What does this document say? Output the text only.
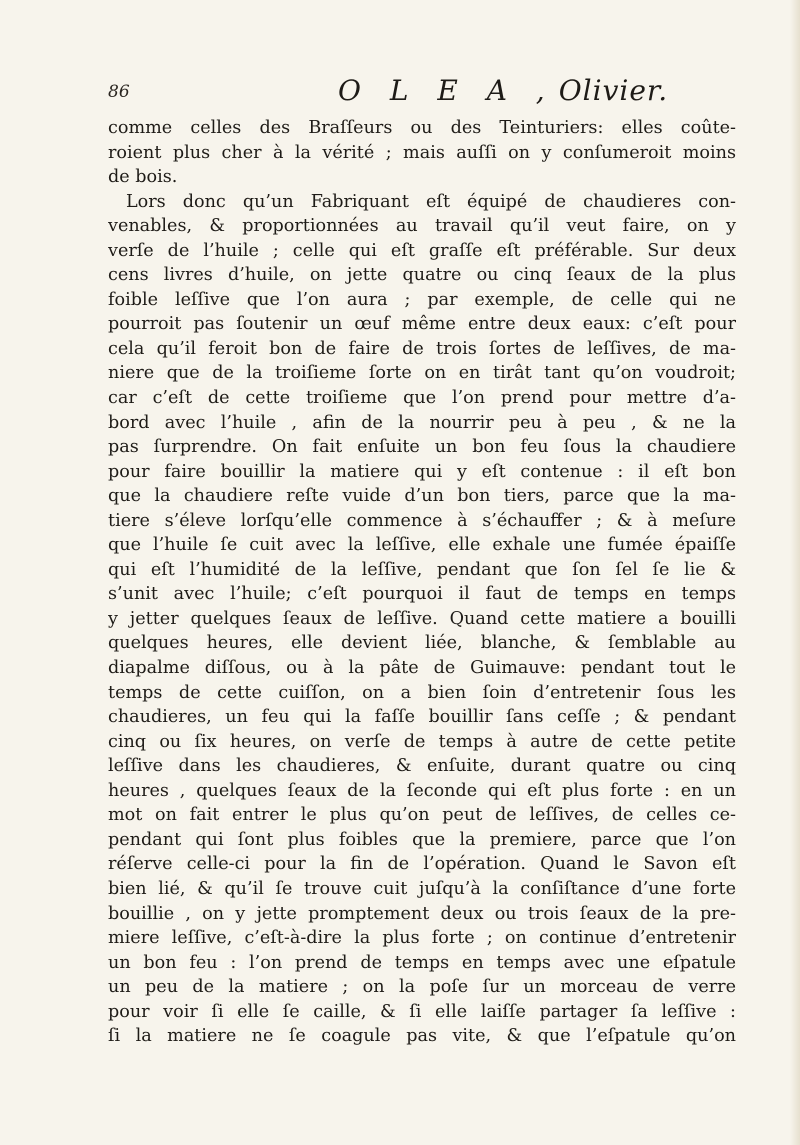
86	O L E A , Olivier.
comme celles des Braſſeurs ou des Teinturiers: elles coûte-
roient plus cher à la vérité ; mais auſſi on y conſumeroit moins
de bois.
Lors donc qu’un Fabriquant eſt équipé de chaudieres con-
venables, & proportionnées au travail qu’il veut faire, on y
verſe de l’huile ; celle qui eſt graſſe eſt préférable. Sur deux
cens livres d’huile, on jette quatre ou cinq ſeaux de la plus
foible leſſive que l’on aura ; par exemple, de celle qui ne
pourroit pas ſoutenir un œuf même entre deux eaux: c’eſt pour
cela qu’il feroit bon de faire de trois ſortes de leſſives, de ma-
niere que de la troiſieme ſorte on en tirât tant qu’on voudroit;
car c’eſt de cette troiſieme que l’on prend pour mettre d’a-
bord avec l’huile , afin de la nourrir peu à peu , & ne la
pas ſurprendre. On fait enſuite un bon feu ſous la chaudiere
pour faire bouillir la matiere qui y eſt contenue : il eſt bon
que la chaudiere reſte vuide d’un bon tiers, parce que la ma-
tiere s’éleve lorſqu’elle commence à s’échauffer ; & à meſure
que l’huile ſe cuit avec la leſſive, elle exhale une fumée épaiſſe
qui eſt l’humidité de la leſſive, pendant que ſon ſel ſe lie &
s’unit avec l’huile; c’eſt pourquoi il faut de temps en temps
y jetter quelques ſeaux de leſſive. Quand cette matiere a bouilli
quelques heures, elle devient liée, blanche, & ſemblable au
diapalme diſſous, ou à la pâte de Guimauve: pendant tout le
temps de cette cuiſſon, on a bien ſoin d’entretenir ſous les
chaudieres, un feu qui la faſſe bouillir ſans ceſſe ; & pendant
cinq ou ſix heures, on verſe de temps à autre de cette petite
leſſive dans les chaudieres, & enſuite, durant quatre ou cinq
heures , quelques ſeaux de la ſeconde qui eſt plus forte : en un
mot on fait entrer le plus qu’on peut de leſſives, de celles ce-
pendant qui ſont plus foibles que la premiere, parce que l’on
réſerve celle-ci pour la fin de l’opération. Quand le Savon eſt
bien lié, & qu’il ſe trouve cuit juſqu’à la conſiſtance d’une forte
bouillie , on y jette promptement deux ou trois ſeaux de la pre-
miere leſſive, c’eſt-à-dire la plus forte ; on continue d’entretenir
un bon feu : l’on prend de temps en temps avec une eſpatule
un peu de la matiere ; on la poſe ſur un morceau de verre
pour voir ſi elle ſe caille, & ſi elle laiſſe partager ſa leſſive :
ſi la matiere ne ſe coagule pas vite, & que l’eſpatule qu’on
